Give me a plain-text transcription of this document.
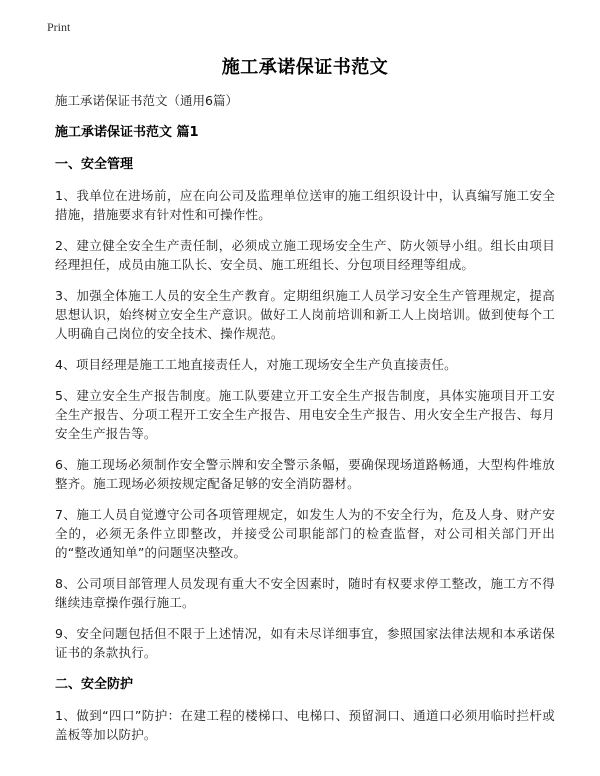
Print
施工承诺保证书范文

施工承诺保证书范文（通用6篇）

施工承诺保证书范文 篇1

一、安全管理

1、我单位在进场前，应在向公司及监理单位送审的施工组织设计中，认真编写施工安全措施，措施要求有针对性和可操作性。

2、建立健全安全生产责任制，必须成立施工现场安全生产、防火领导小组。组长由项目经理担任，成员由施工队长、安全员、施工班组长、分包项目经理等组成。

3、加强全体施工人员的安全生产教育。定期组织施工人员学习安全生产管理规定，提高思想认识，始终树立安全生产意识。做好工人岗前培训和新工人上岗培训。做到使每个工人明确自己岗位的安全技术、操作规范。

4、项目经理是施工工地直接责任人，对施工现场安全生产负直接责任。

5、建立安全生产报告制度。施工队要建立开工安全生产报告制度，具体实施项目开工安全生产报告、分项工程开工安全生产报告、用电安全生产报告、用火安全生产报告、每月安全生产报告等。

6、施工现场必须制作安全警示牌和安全警示条幅，要确保现场道路畅通，大型构件堆放整齐。施工现场必须按规定配备足够的安全消防器材。

7、施工人员自觉遵守公司各项管理规定，如发生人为的不安全行为，危及人身、财产安全的，必须无条件立即整改，并接受公司职能部门的检查监督，对公司相关部门开出的“整改通知单”的问题坚决整改。

8、公司项目部管理人员发现有重大不安全因素时，随时有权要求停工整改，施工方不得继续违章操作强行施工。

9、安全问题包括但不限于上述情况，如有未尽详细事宜，参照国家法律法规和本承诺保证书的条款执行。

二、安全防护

1、做到“四口”防护：在建工程的楼梯口、电梯口、预留洞口、通道口必须用临时拦杆或盖板等加以防护。
